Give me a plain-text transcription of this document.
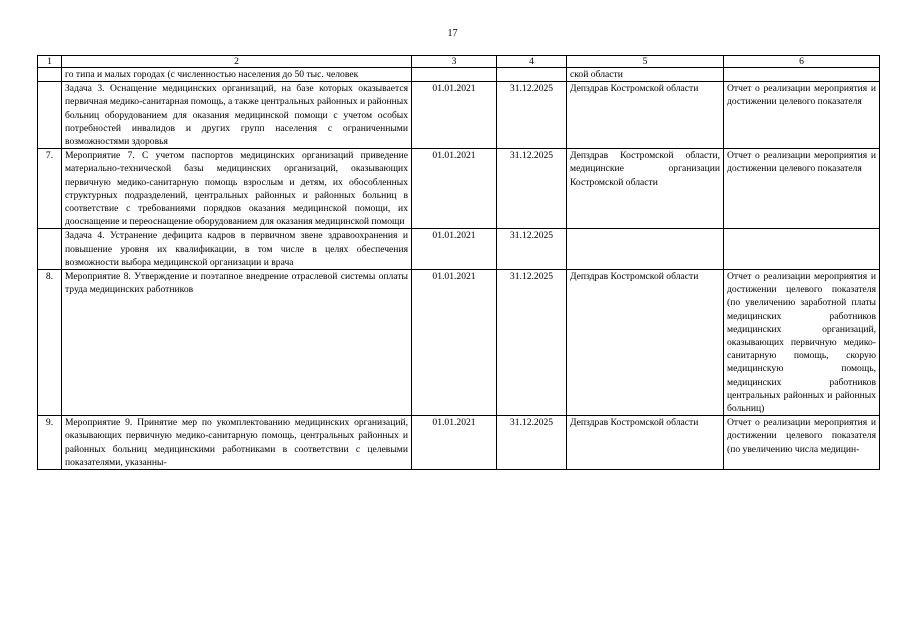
17
1	2	3	4	5	6
	го типа и малых городах (с численностью населения до 50 тыс. человек			ской области	
	Задача 3. Оснащение медицинских организаций, на базе которых оказывается первичная медико-санитарная помощь, а также центральных районных и районных больниц оборудованием для оказания медицинской помощи с учетом особых потребностей инвалидов и других групп населения с ограниченными возможностями здоровья	01.01.2021	31.12.2025	Депздрав Костромской области	Отчет о реализации мероприятия и достижении целевого показателя
7.	Мероприятие 7. С учетом паспортов медицинских организаций приведение материально-технической базы медицинских организаций, оказывающих первичную медико-санитарную помощь взрослым и детям, их обособленных структурных подразделений, центральных районных и районных больниц в соответствие с требованиями порядков оказания медицинской помощи, их дооснащение и переоснащение оборудованием для оказания медицинской помощи	01.01.2021	31.12.2025	Депздрав Костромской области, медицинские организации Костромской области	Отчет о реализации мероприятия и достижении целевого показателя
	Задача 4. Устранение дефицита кадров в первичном звене здравоохранения и повышение уровня их квалификации, в том числе в целях обеспечения возможности выбора медицинской организации и врача	01.01.2021	31.12.2025		
8.	Мероприятие 8. Утверждение и поэтапное внедрение отраслевой системы оплаты труда медицинских работников	01.01.2021	31.12.2025	Депздрав Костромской области	Отчет о реализации мероприятия и достижении целевого показателя (по увеличению заработной платы медицинских работников медицинских организаций, оказывающих первичную медико-санитарную помощь, скорую медицинскую помощь, медицинских работников центральных районных и районных больниц)
9.	Мероприятие 9. Принятие мер по укомплектованию медицинских организаций, оказывающих первичную медико-санитарную помощь, центральных районных и районных больниц медицинскими работниками в соответствии с целевыми показателями, указанны-	01.01.2021	31.12.2025	Депздрав Костромской области	Отчет о реализации мероприятия и достижении целевого показателя (по увеличению числа медицин-
